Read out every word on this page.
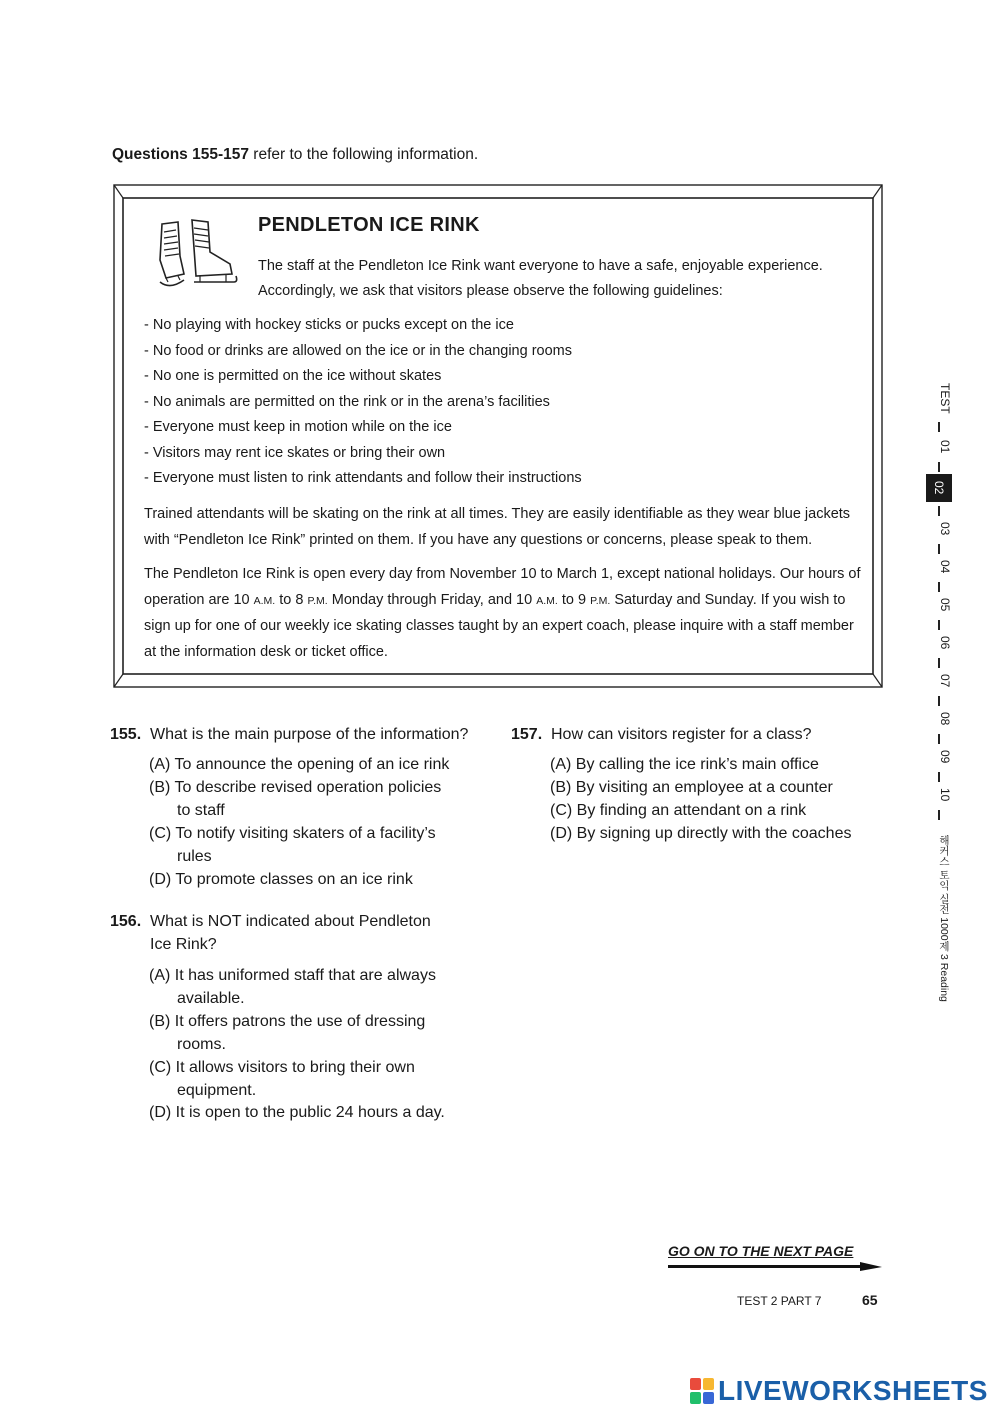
Questions 155-157 refer to the following information.
PENDLETON ICE RINK
The staff at the Pendleton Ice Rink want everyone to have a safe, enjoyable experience.
Accordingly, we ask that visitors please observe the following guidelines:
- No playing with hockey sticks or pucks except on the ice
- No food or drinks are allowed on the ice or in the changing rooms
- No one is permitted on the ice without skates
- No animals are permitted on the rink or in the arena’s facilities
- Everyone must keep in motion while on the ice
- Visitors may rent ice skates or bring their own
- Everyone must listen to rink attendants and follow their instructions
Trained attendants will be skating on the rink at all times. They are easily identifiable as they wear blue jackets
with “Pendleton Ice Rink” printed on them. If you have any questions or concerns, please speak to them.
The Pendleton Ice Rink is open every day from November 10 to March 1, except national holidays. Our hours of
operation are 10 A.M. to 8 P.M. Monday through Friday, and 10 A.M. to 9 P.M. Saturday and Sunday. If you wish to
sign up for one of our weekly ice skating classes taught by an expert coach, please inquire with a staff member
at the information desk or ticket office.
155. What is the main purpose of the information?
(A) To announce the opening of an ice rink
(B) To describe revised operation policies
to staff
(C) To notify visiting skaters of a facility’s
rules
(D) To promote classes on an ice rink
156. What is NOT indicated about Pendleton
Ice Rink?
(A) It has uniformed staff that are always
available.
(B) It offers patrons the use of dressing
rooms.
(C) It allows visitors to bring their own
equipment.
(D) It is open to the public 24 hours a day.
157. How can visitors register for a class?
(A) By calling the ice rink’s main office
(B) By visiting an employee at a counter
(C) By finding an attendant on a rink
(D) By signing up directly with the coaches
TEST
01
02
03
04
05
06
07
08
09
10
해커스 토익 실전 1000제 3 Reading
GO ON TO THE NEXT PAGE
TEST 2 PART 7	65
LIVEWORKSHEETS
